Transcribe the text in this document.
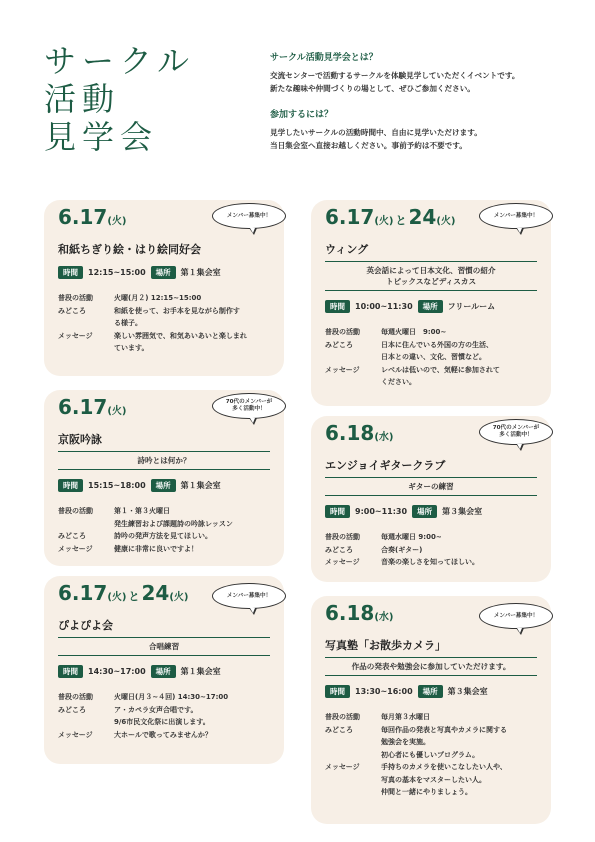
サークル
活動
見学会
サークル活動見学会とは？

交流センターで活動するサークルを体験見学していただくイベントです。

新たな趣味や仲間づくりの場として、ぜひご参加ください。

参加するには？

見学したいサークルの活動時間中、自由に見学いただけます。

当日集会室へ直接お越しください。事前予約は不要です。

6.17(火)
和紙ちぎり絵・はり絵同好会
時間	12:15~15:00	場所	第１集会室
普段の活動	火曜(月２) 12:15~15:00
みどころ	和紙を使って、お手本を見ながら制作す
る様子。
メッセージ	楽しい雰囲気で、和気あいあいと楽しまれ
ています。
メンバー募集中！	6.17(火) と 24(火)
ウィング
英会話によって日本文化、習慣の紹介
トピックスなどディスカス
時間	10:00~11:30	場所	フリールーム
普段の活動	毎週火曜日　9:00~
みどころ	日本に住んでいる外国の方の生活、
日本との違い、文化、習慣など。
メッセージ	レベルは低いので、気軽に参加されて
ください。
メンバー募集中！
6.17(火)
京阪吟詠
詩吟とは何か？
時間	15:15~18:00	場所	第１集会室
普段の活動	第１・第３火曜日
発生練習および課題詩の吟詠レッスン
みどころ	詩吟の発声方法を見てほしい。
メッセージ	健康に非常に良いですよ！
70代のメンバーが
多く活動中！
6.18(水)
エンジョイギタークラブ
ギターの練習
時間	9:00~11:30	場所	第３集会室
普段の活動	毎週水曜日 9:00~
みどころ	合奏(ギター)
メッセージ	音楽の楽しさを知ってほしい。
70代のメンバーが
多く活動中！
6.17(火) と 24(火)
ぴよぴよ会
合唱練習
時間	14:30~17:00	場所	第１集会室
普段の活動	火曜日(月３~４回) 14:30~17:00
みどころ	ア・カペラ女声合唱です。
9/6市民文化祭に出演します。
メッセージ	大ホールで歌ってみませんか？
メンバー募集中！
6.18(水)
写真塾「お散歩カメラ」
作品の発表や勉強会に参加していただけます。
時間	13:30~16:00	場所	第３集会室
普段の活動	毎月第３水曜日
みどころ	毎回作品の発表と写真やカメラに関する
勉強会を実施。
初心者にも優しいプログラム。
メッセージ	手持ちのカメラを使いこなしたい人や、
写真の基本をマスターしたい人。
仲間と一緒にやりましょう。
メンバー募集中！
